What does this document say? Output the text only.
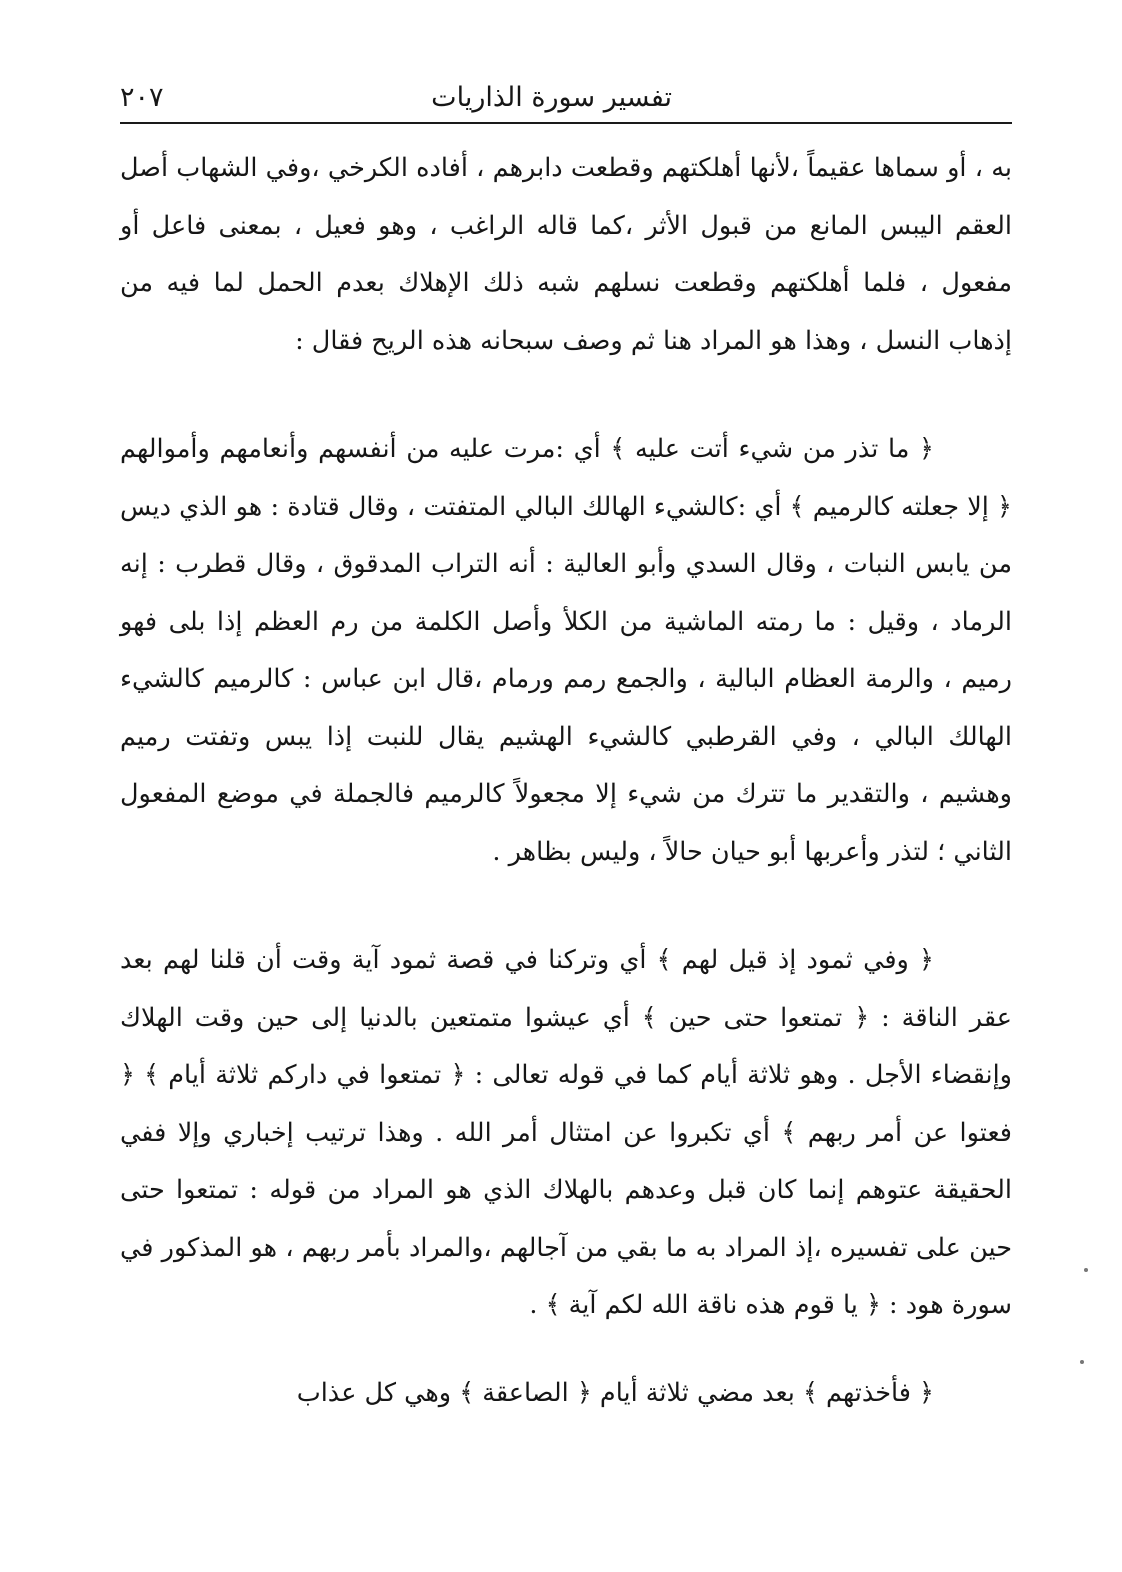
تفسير سورة الذاريات
٢٠٧

به ، أو سماها عقيماً ،لأنها أهلكتهم وقطعت دابرهم ، أفاده الكرخي ،وفي الشهاب أصل العقم اليبس المانع من قبول الأثر ،كما قاله الراغب ، وهو فعيل ، بمعنى فاعل أو مفعول ، فلما أهلكتهم وقطعت نسلهم شبه ذلك الإهلاك بعدم الحمل لما فيه من إذهاب النسل ، وهذا هو المراد هنا ثم وصف سبحانه هذه الريح فقال :

﴿ ما تذر من شيء أتت عليه ﴾ أي :مرت عليه من أنفسهم وأنعامهم وأموالهم ﴿ إلا جعلته كالرميم ﴾ أي :كالشيء الهالك البالي المتفتت ، وقال قتادة : هو الذي ديس من يابس النبات ، وقال السدي وأبو العالية : أنه التراب المدقوق ، وقال قطرب : إنه الرماد ، وقيل : ما رمته الماشية من الكلأ وأصل الكلمة من رم العظم إذا بلى فهو رميم ، والرمة العظام البالية ، والجمع رمم ورمام ،قال ابن عباس : كالرميم كالشيء الهالك البالي ، وفي القرطبي كالشيء الهشيم يقال للنبت إذا يبس وتفتت رميم وهشيم ، والتقدير ما تترك من شيء إلا مجعولاً كالرميم فالجملة في موضع المفعول الثاني ؛ لتذر وأعربها أبو حيان حالاً ، وليس بظاهر .

﴿ وفي ثمود إذ قيل لهم ﴾ أي وتركنا في قصة ثمود آية وقت أن قلنا لهم بعد عقر الناقة : ﴿ تمتعوا حتى حين ﴾ أي عيشوا متمتعين بالدنيا إلى حين وقت الهلاك وإنقضاء الأجل . وهو ثلاثة أيام كما في قوله تعالى : ﴿ تمتعوا في داركم ثلاثة أيام ﴾ ﴿ فعتوا عن أمر ربهم ﴾ أي تكبروا عن امتثال أمر الله . وهذا ترتيب إخباري وإلا ففي الحقيقة عتوهم إنما كان قبل وعدهم بالهلاك الذي هو المراد من قوله : تمتعوا حتى حين على تفسيره ،إذ المراد به ما بقي من آجالهم ،والمراد بأمر ربهم ، هو المذكور في سورة هود : ﴿ يا قوم هذه ناقة الله لكم آية ﴾ .

﴿ فأخذتهم ﴾ بعد مضي ثلاثة أيام ﴿ الصاعقة ﴾ وهي كل عذاب
